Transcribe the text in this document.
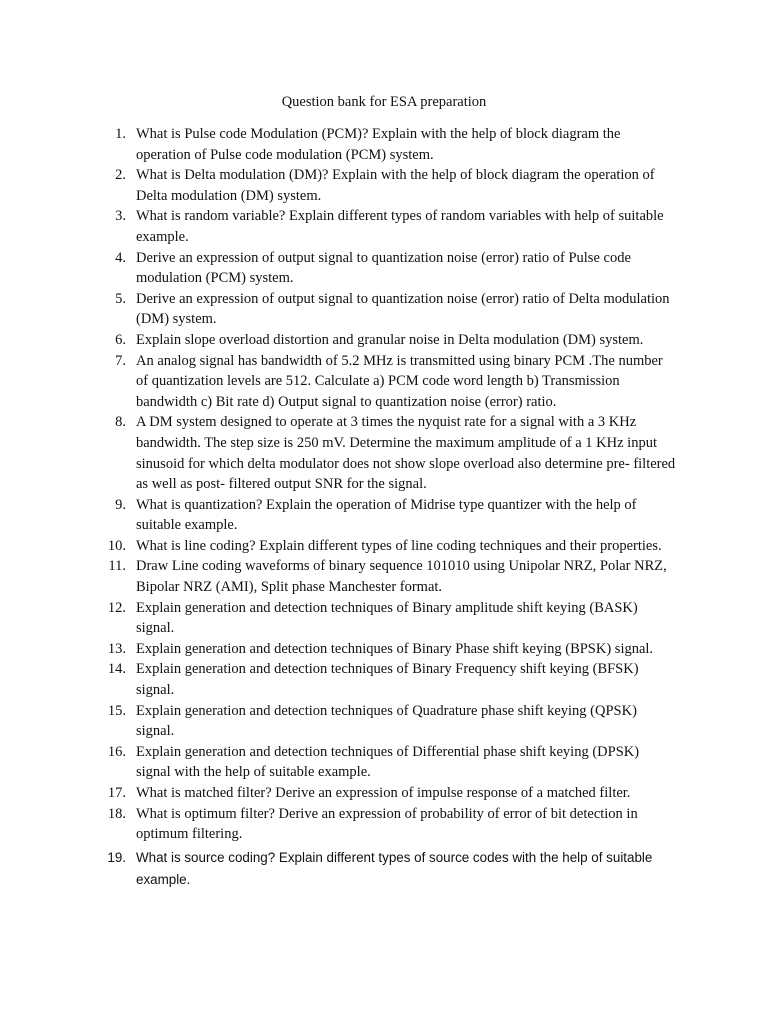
Question bank for ESA preparation
1. What is Pulse code Modulation (PCM)? Explain with the help of block diagram the operation of Pulse code modulation (PCM) system.
2. What is Delta modulation (DM)? Explain with the help of block diagram the operation of Delta modulation (DM) system.
3. What is random variable? Explain different types of random variables with help of suitable example.
4. Derive an expression of output signal to quantization noise (error) ratio of Pulse code modulation (PCM) system.
5. Derive an expression of output signal to quantization noise (error) ratio of Delta modulation (DM) system.
6. Explain slope overload distortion and granular noise in Delta modulation (DM) system.
7. An analog signal has bandwidth of 5.2 MHz is transmitted using binary PCM .The number of quantization levels are 512. Calculate a) PCM code word length b) Transmission bandwidth c) Bit rate d) Output signal to quantization noise (error) ratio.
8. A DM system designed to operate at 3 times the nyquist rate for a signal with a 3 KHz bandwidth. The step size is 250 mV. Determine the maximum amplitude of a 1 KHz input sinusoid for which delta modulator does not show slope overload also determine pre- filtered as well as post- filtered output SNR for the signal.
9. What is quantization? Explain the operation of Midrise type quantizer with the help of suitable example.
10. What is line coding? Explain different types of line coding techniques and their properties.
11. Draw Line coding waveforms of binary sequence 101010 using Unipolar NRZ, Polar NRZ, Bipolar NRZ (AMI), Split phase Manchester format.
12. Explain generation and detection techniques of Binary amplitude shift keying (BASK) signal.
13. Explain generation and detection techniques of Binary Phase shift keying (BPSK) signal.
14. Explain generation and detection techniques of Binary Frequency shift keying (BFSK) signal.
15. Explain generation and detection techniques of Quadrature phase shift keying (QPSK) signal.
16. Explain generation and detection techniques of Differential phase shift keying (DPSK) signal with the help of suitable example.
17. What is matched filter? Derive an expression of impulse response of a matched filter.
18. What is optimum filter? Derive an expression of probability of error of bit detection in optimum filtering.
19. What is source coding? Explain different types of source codes with the help of suitable example.
